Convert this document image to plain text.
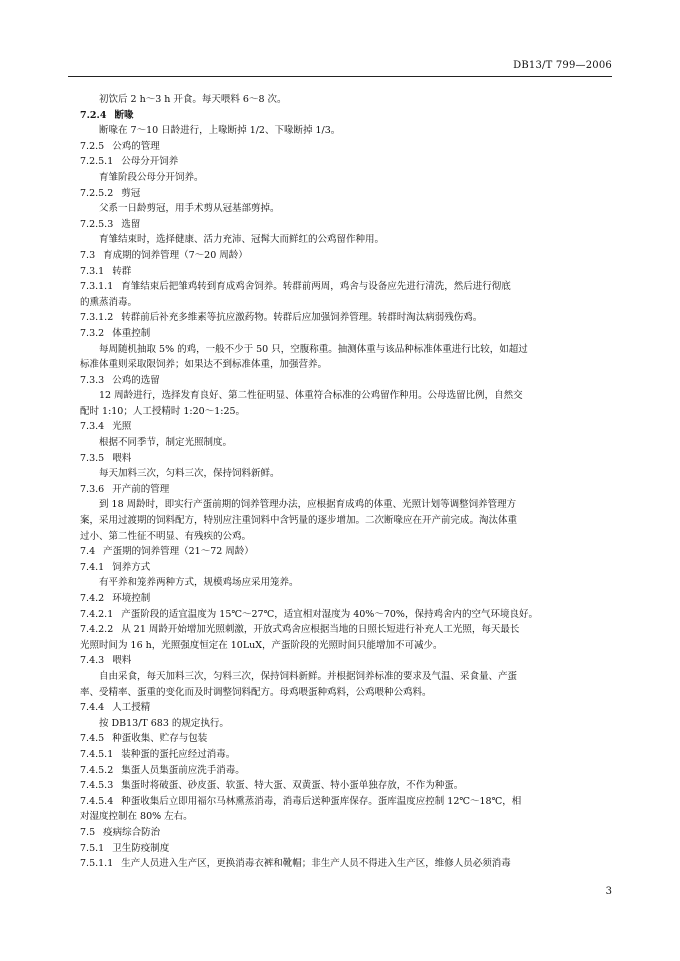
DB13/T 799—2006
初饮后 2 h～3 h 开食。每天喂料 6～8 次。
7.2.4 断喙
断喙在 7～10 日龄进行，上喙断掉 1/2、下喙断掉 1/3。
7.2.5 公鸡的管理
7.2.5.1 公母分开饲养
育雏阶段公母分开饲养。
7.2.5.2 剪冠
父系一日龄剪冠，用手术剪从冠基部剪掉。
7.2.5.3 选留
育雏结束时，选择健康、活力充沛、冠髯大而鲜红的公鸡留作种用。
7.3 育成期的饲养管理（7～20 周龄）
7.3.1 转群
7.3.1.1 育雏结束后把雏鸡转到育成鸡舍饲养。转群前两周，鸡舍与设备应先进行清洗，然后进行彻底
的熏蒸消毒。
7.3.1.2 转群前后补充多维素等抗应激药物。转群后应加强饲养管理。转群时淘汰病弱残伤鸡。
7.3.2 体重控制
每周随机抽取 5% 的鸡，一般不少于 50 只，空腹称重。抽测体重与该品种标准体重进行比较，如超过
标准体重则采取限饲养；如果达不到标准体重，加强营养。
7.3.3 公鸡的选留
12 周龄进行，选择发育良好、第二性征明显、体重符合标准的公鸡留作种用。公母选留比例，自然交
配时 1:10；人工授精时 1:20～1:25。
7.3.4 光照
根据不同季节，制定光照制度。
7.3.5 喂料
每天加料三次，匀料三次，保持饲料新鲜。
7.3.6 开产前的管理
到 18 周龄时，即实行产蛋前期的饲养管理办法，应根据育成鸡的体重、光照计划等调整饲养管理方
案，采用过渡期的饲料配方，特别应注重饲料中含钙量的逐步增加。二次断喙应在开产前完成。淘汰体重
过小、第二性征不明显、有残疾的公鸡。
7.4 产蛋期的饲养管理（21～72 周龄）
7.4.1 饲养方式
有平养和笼养两种方式，规模鸡场应采用笼养。
7.4.2 环境控制
7.4.2.1 产蛋阶段的适宜温度为 15℃～27℃，适宜相对湿度为 40%～70%，保持鸡舍内的空气环境良好。
7.4.2.2 从 21 周龄开始增加光照刺激，开放式鸡舍应根据当地的日照长短进行补充人工光照，每天最长
光照时间为 16 h，光照强度恒定在 10LuX，产蛋阶段的光照时间只能增加不可减少。
7.4.3 喂料
自由采食，每天加料三次，匀料三次，保持饲料新鲜。并根据饲养标准的要求及气温、采食量、产蛋
率、受精率、蛋重的变化而及时调整饲料配方。母鸡喂蛋种鸡料，公鸡喂种公鸡料。
7.4.4 人工授精
按 DB13/T 683 的规定执行。
7.4.5 种蛋收集、贮存与包装
7.4.5.1 装种蛋的蛋托应经过消毒。
7.4.5.2 集蛋人员集蛋前应洗手消毒。
7.4.5.3 集蛋时将破蛋、砂皮蛋、软蛋、特大蛋、双黄蛋、特小蛋单独存放，不作为种蛋。
7.4.5.4 种蛋收集后立即用福尔马林熏蒸消毒，消毒后送种蛋库保存。蛋库温度应控制 12℃～18℃，相
对湿度控制在 80% 左右。
7.5 疫病综合防治
7.5.1 卫生防疫制度
7.5.1.1 生产人员进入生产区，更换消毒衣裤和靴帽；非生产人员不得进入生产区，维修人员必须消毒
3
